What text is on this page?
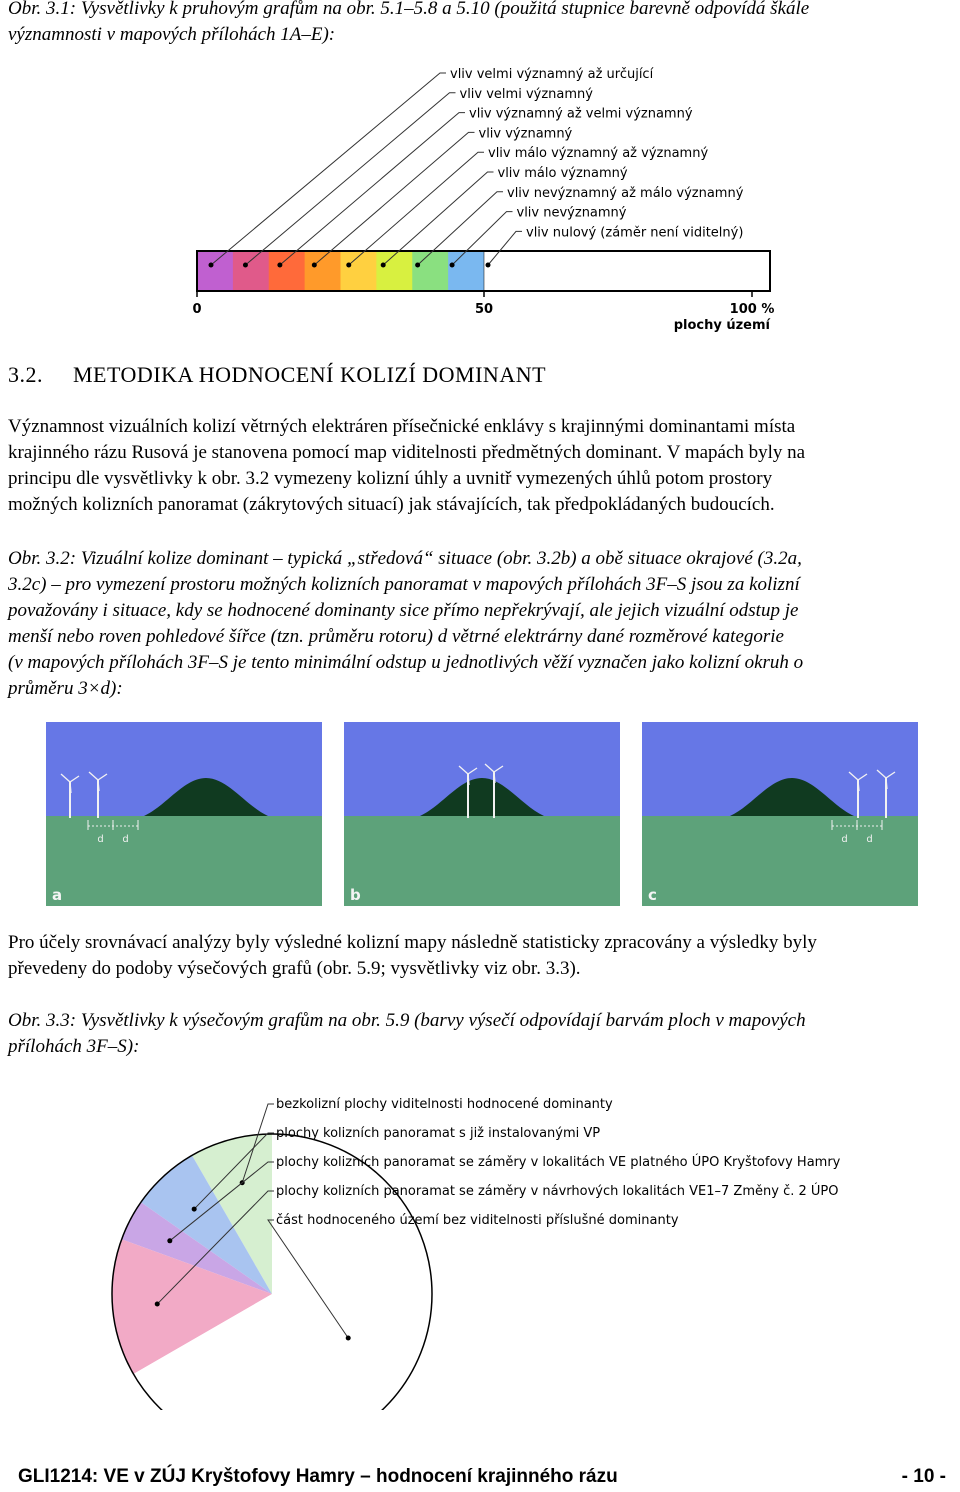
Obr. 3.1: Vysvětlivky k pruhovým grafům na obr. 5.1–5.8 a 5.10 (použitá stupnice barevně odpovídá škále
významnosti v mapových přílohách 1A–E):
vliv velmi významný až určující
vliv velmi významný
vliv významný až velmi významný
vliv významný
vliv málo významný až významný
vliv málo významný
vliv nevýznamný až málo významný
vliv nevýznamný
vliv nulový (záměr není viditelný)
0	50	100 %
plochy území
3.2. METODIKA HODNOCENÍ KOLIZÍ DOMINANT
Významnost vizuálních kolizí větrných elektráren přísečnické enklávy s krajinnými dominantami místa
krajinného rázu Rusová je stanovena pomocí map viditelnosti předmětných dominant. V mapách byly na
principu dle vysvětlivky k obr. 3.2 vymezeny kolizní úhly a uvnitř vymezených úhlů potom prostory
možných kolizních panoramat (zákrytových situací) jak stávajících, tak předpokládaných budoucích.
Obr. 3.2: Vizuální kolize dominant – typická „středová“ situace (obr. 3.2b) a obě situace okrajové (3.2a,
3.2c) – pro vymezení prostoru možných kolizních panoramat v mapových přílohách 3F–S jsou za kolizní
považovány i situace, kdy se hodnocené dominanty sice přímo nepřekrývají, ale jejich vizuální odstup je
menší nebo roven pohledové šířce (tzn. průměru rotoru) d větrné elektrárny dané rozměrové kategorie
(v mapových přílohách 3F–S je tento minimální odstup u jednotlivých věží vyznačen jako kolizní okruh o
průměru 3×d):
d d
a	b
d d
c
Pro účely srovnávací analýzy byly výsledné kolizní mapy následně statisticky zpracovány a výsledky byly
převedeny do podoby výsečových grafů (obr. 5.9; vysvětlivky viz obr. 3.3).
Obr. 3.3: Vysvětlivky k výsečovým grafům na obr. 5.9 (barvy výsečí odpovídají barvám ploch v mapových
přílohách 3F–S):
bezkolizní plochy viditelnosti hodnocené dominanty
plochy kolizních panoramat s již instalovanými VP
plochy kolizních panoramat se záměry v lokalitách VE platného ÚPO Kryštofovy Hamry
plochy kolizních panoramat se záměry v návrhových lokalitách VE1–7 Změny č. 2 ÚPO
část hodnoceného území bez viditelnosti příslušné dominanty
GLI1214: VE v ZÚJ Kryštofovy Hamry – hodnocení krajinného rázu	- 10 -
